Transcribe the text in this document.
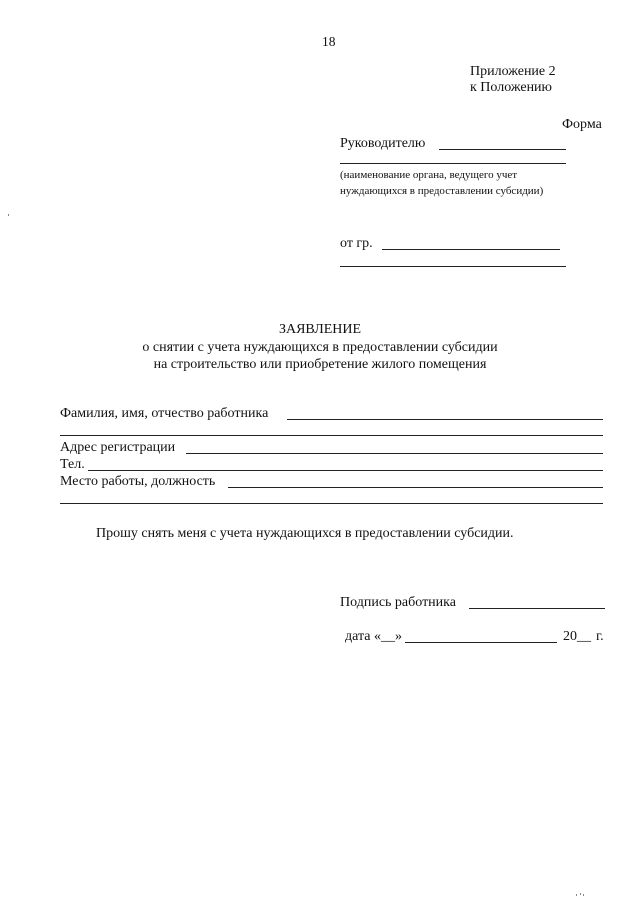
18
Приложение 2
к Положению
Форма
Руководителю
(наименование органа, ведущего учет
нуждающихся в предоставлении субсидии)
от гр.
ЗАЯВЛЕНИЕ
о снятии с учета нуждающихся в предоставлении субсидии
на строительство или приобретение жилого помещения
Фамилия, имя, отчество работника
Адрес регистрации
Тел.
Место работы, должность
Прошу снять меня с учета нуждающихся в предоставлении субсидии.
Подпись работника
дата «__»	20__ г.
